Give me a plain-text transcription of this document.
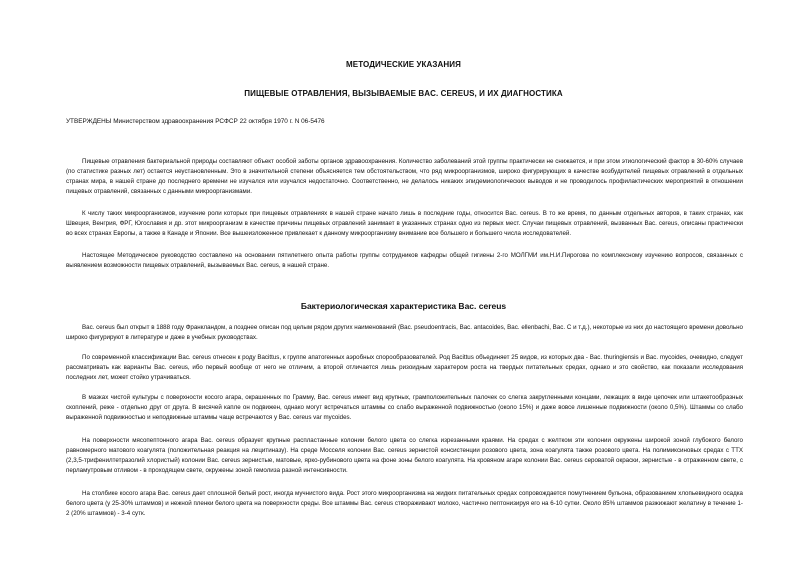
МЕТОДИЧЕСКИЕ УКАЗАНИЯ
ПИЩЕВЫЕ ОТРАВЛЕНИЯ, ВЫЗЫВАЕМЫЕ BAC. CEREUS, И ИХ ДИАГНОСТИКА
УТВЕРЖДЕНЫ Министерством здравоохранения РСФСР 22 октября 1970 г. N 06-5476

Пищевые отравления бактериальной природы составляют объект особой заботы органов здравоохранения. Количество заболеваний этой группы практически не снижается, и при этом этиологический фактор в 30-60% случаев (по статистике разных лет) остается неустановленным. Это в значительной степени объясняется тем обстоятельством, что ряд микроорганизмов, широко фигурирующих в качестве возбудителей пищевых отравлений в отдельных странах мира, в нашей стране до последнего времени не изучался или изучался недостаточно. Соответственно, не делалось никаких эпидемиологических выводов и не проводилось профилактических мероприятий в отношении пищевых отравлений, связанных с данными микроорганизмами.

К числу таких микроорганизмов, изучение роли которых при пищевых отравлениях в нашей стране начато лишь в последние годы, относится Bac. cereus. В то же время, по данным отдельных авторов, в таких странах, как Швеция, Венгрия, ФРГ, Югославия и др. этот микроорганизм в качестве причины пищевых отравлений занимает в указанных странах одно из первых мест. Случаи пищевых отравлений, вызванных Bac. cereus, описаны практически во всех странах Европы, а также в Канаде и Японии. Все вышеизложенное привлекает к данному микроорганизму внимание все большего и большего числа исследователей.

Настоящее Методическое руководство составлено на основании пятилетнего опыта работы группы сотрудников кафедры общей гигиены 2-го МОЛГМИ им.Н.И.Пирогова по комплексному изучению вопросов, связанных с выявлением возможности пищевых отравлений, вызываемых Bac. cereus, в нашей стране.

Бактериологическая характеристика Bac. cereus

Bac. cereus был открыт в 1888 году Франкландом, а позднее описан под целым рядом других наименований (Bac. pseudoentracis, Bac. antacoides, Bac. ellenbachi, Bac. C и т.д.), некоторые из них до настоящего времени довольно широко фигурируют в литературе и даже в учебных руководствах.

По современной классификации Bac. cereus отнесен к роду Bacittus, к группе апатогенных аэробных спорообразователей. Род Bacittus объединяет 25 видов, из которых два - Bac. thuringiensis и Bac. mycoides, очевидно, следует рассматривать как варианты Bac. cereus, ибо первый вообще от него не отличим, а второй отличается лишь ризоидным характером роста на твердых питательных средах, однако и это свойство, как показали исследования последних лет, может стойко утрачиваться.

В мазках чистой культуры с поверхности косого агара, окрашенных по Грамму, Bac. cereus имеет вид крупных, грамположительных палочек со слегка закругленными концами, лежащих в виде цепочек или штакетообразных скоплений, реже - отдельно друг от друга. В висячей капле он подвижен, однако могут встречаться штаммы со слабо выраженной подвижностью (около 15%) и даже вовсе лишенные подвижности (около 0,5%). Штаммы со слабо выраженной подвижностью и неподвижные штаммы чаще встречаются у Bac. cereus var mycoides.

На поверхности мясопептонного агара Bac. cereus образует крупные распластанные колонии белого цвета со слегка изрезанными краями. На средах с желтком эти колонии окружены широкой зоной глубокого белого равномерного матового коагулята (положительная реакция на лецитиназу). На среде Мосселя колонии Bac. cereus зернистой консистенции розового цвета, зона коагулята также розового цвета. На полимиксиновых средах с ТТХ (2,3,5-трифенилтетразолий хлористый) колонии Bac. cereus зернистые, матовые, ярко-рубинового цвета на фоне зоны белого коагулята. На кровяном агаре колонии Bac. cereus сероватой окраски, зернистые - в отраженном свете, с перламутровым отливом - в проходящем свете, окружены зоной гемолиза разной интенсивности.

На столбике косого агара Bac. cereus дает сплошной белый рост, иногда мучнистого вида. Рост этого микроорганизма на жидких питательных средах сопровождается помутнением бульона, образованием хлопьевидного осадка белого цвета (у 25-30% штаммов) и нежной пленки белого цвета на поверхности среды. Все штаммы Bac. cereus створаживают молоко, частично пептонизируя его на 6-10 сутки. Около 85% штаммов разжижают желатину в течение 1-2 (20% штаммов) - 3-4 сутк.
